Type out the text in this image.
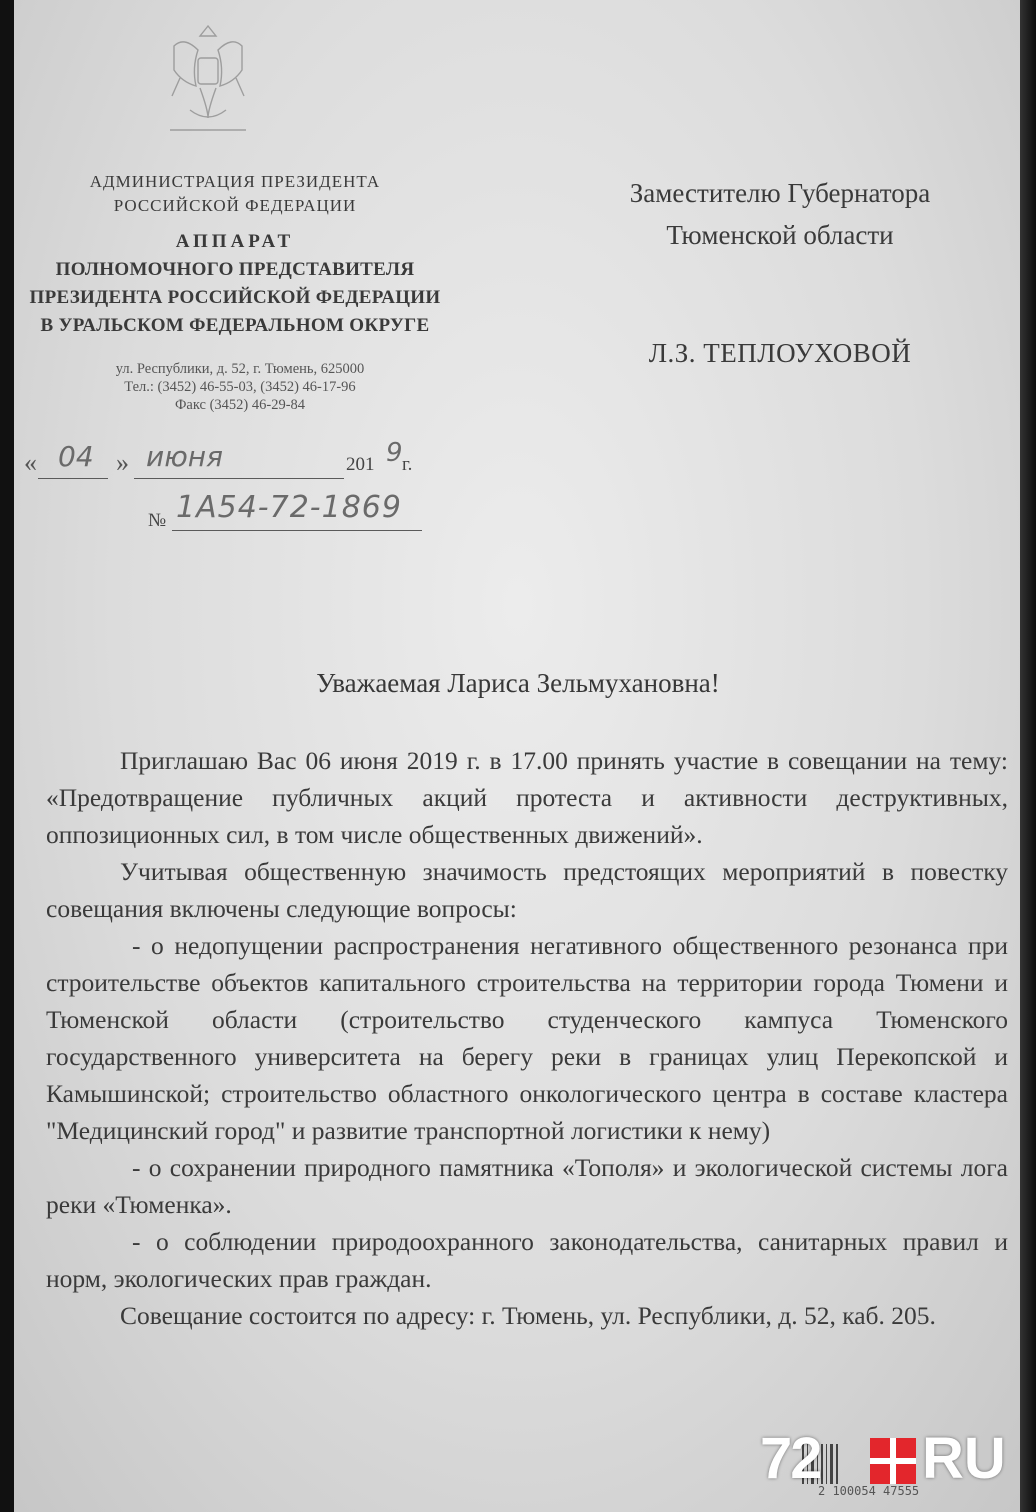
АДМИНИСТРАЦИЯ ПРЕЗИДЕНТА
РОССИЙСКОЙ ФЕДЕРАЦИИ
АППАРАТ
ПОЛНОМОЧНОГО ПРЕДСТАВИТЕЛЯ
ПРЕЗИДЕНТА РОССИЙСКОЙ ФЕДЕРАЦИИ
В УРАЛЬСКОМ ФЕДЕРАЛЬНОМ ОКРУГЕ
ул. Республики, д. 52, г. Тюмень, 625000
Тел.: (3452) 46-55-03, (3452) 46-17-96
Факс (3452) 46-29-84
Заместителю Губернатора
Тюменской области
Л.З. ТЕПЛОУХОВОЙ
« 04 » июня	201 9 г.
№ 1А54-72-1869
Уважаемая Лариса Зельмухановна!

Приглашаю Вас 06 июня 2019 г. в 17.00 принять участие в совещании на тему: «Предотвращение публичных акций протеста и активности деструктивных, оппозиционных сил, в том числе общественных движений».

Учитывая общественную значимость предстоящих мероприятий в повестку совещания включены следующие вопросы:

- о недопущении распространения негативного общественного резонанса при строительстве объектов капитального строительства на территории города Тюмени и Тюменской области (строительство студенческого кампуса Тюменского государственного университета на берегу реки в границах улиц Перекопской и Камышинской; строительство областного онкологического центра в составе кластера "Медицинский город" и развитие транспортной логистики к нему)

- о сохранении природного памятника «Тополя» и экологической системы лога реки «Тюменка».

- о соблюдении природоохранного законодательства, санитарных правил и норм, экологических прав граждан.

Совещание состоится по адресу: г. Тюмень, ул. Республики, д. 52, каб. 205.

2 100054 47555
72 RU
